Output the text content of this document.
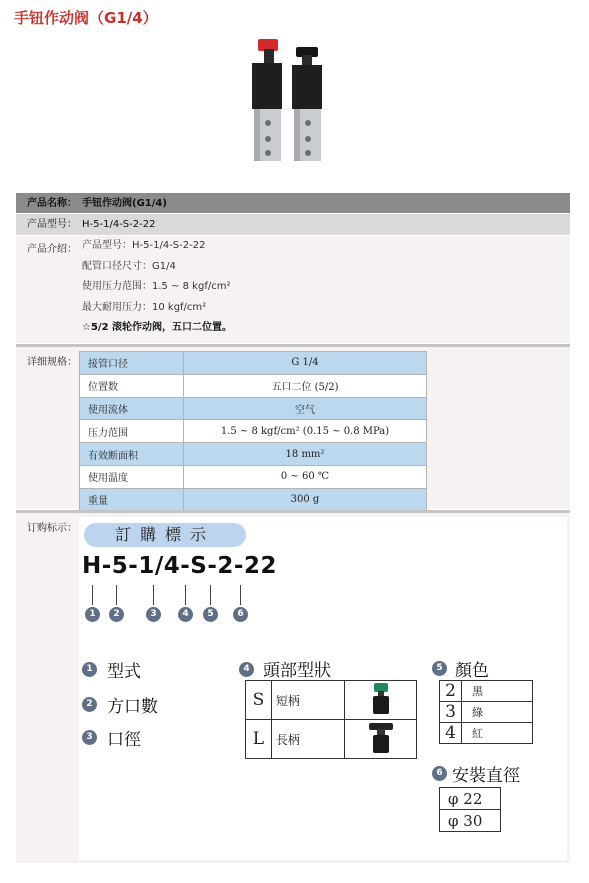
手钮作动阀（G1/4）
产品名称： 手钮作动阀(G1/4)
产品型号： H-5-1/4-S-2-22
产品介绍： 产品型号：H-5-1/4-S-2-22
配管口径尺寸：G1/4
使用压力范围：1.5 ~ 8 kgf/cm²
最大耐用压力：10 kgf/cm²
☆5/2 滚轮作动阀，五口二位置。
详细规格： 接管口径	G 1/4
位置数	五口二位 (5/2)
使用流体	空气
压力范围	1.5 ~ 8 kgf/cm² (0.15 ~ 0.8 MPa)
有效断面积	18 mm²
使用温度	0 ~ 60 ℃
重量	300 g
订购标示：	訂購標示
H-5-1/4-S-2-22
1	2	3	4	5	6
1 型式
2 方口數
3 口徑
4 頭部型狀
S	短柄	
L	長柄	
5 顏色
2	黑
3	綠
4	紅
6 安裝直徑
φ 22
φ 30
